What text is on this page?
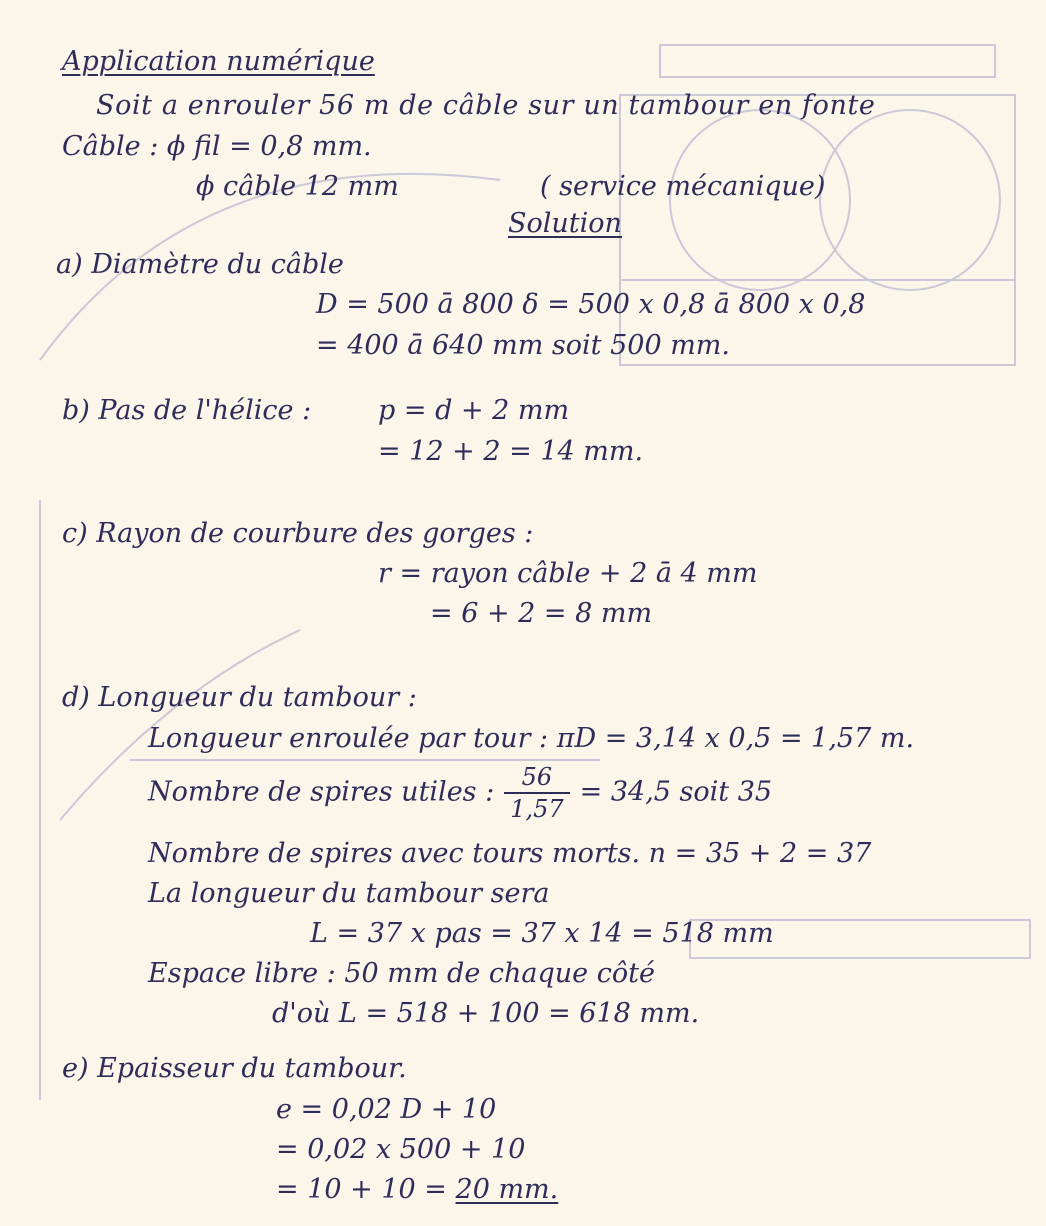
Application numérique
Soit a enrouler 56 m de câble sur un tambour en fonte
Câble : ϕ fil = 0,8 mm.
ϕ câble 12 mm	( service mécanique)
Solution
a) Diamètre du câble
D = 500 ā 800 δ = 500 x 0,8 ā 800 x 0,8
= 400 ā 640 mm soit 500 mm.
b) Pas de l'hélice : p = d + 2 mm
= 12 + 2 = 14 mm.
c) Rayon de courbure des gorges :
r = rayon câble + 2 ā 4 mm
= 6 + 2 = 8 mm
d) Longueur du tambour :
Longueur enroulée par tour : πD = 3,14 x 0,5 = 1,57 m.
Nombre de spires utiles : $\frac{56}{1,57} = 34,5$ soit 35
Nombre de spires avec tours morts. n = 35 + 2 = 37
La longueur du tambour sera
L = 37 x pas = 37 x 14 = 518 mm
Espace libre : 50 mm de chaque côté
d'où L = 518 + 100 = 618 mm.
e) Epaisseur du tambour.
e = 0,02 D + 10
= 0,02 x 500 + 10
= 10 + 10 = 20 mm.
